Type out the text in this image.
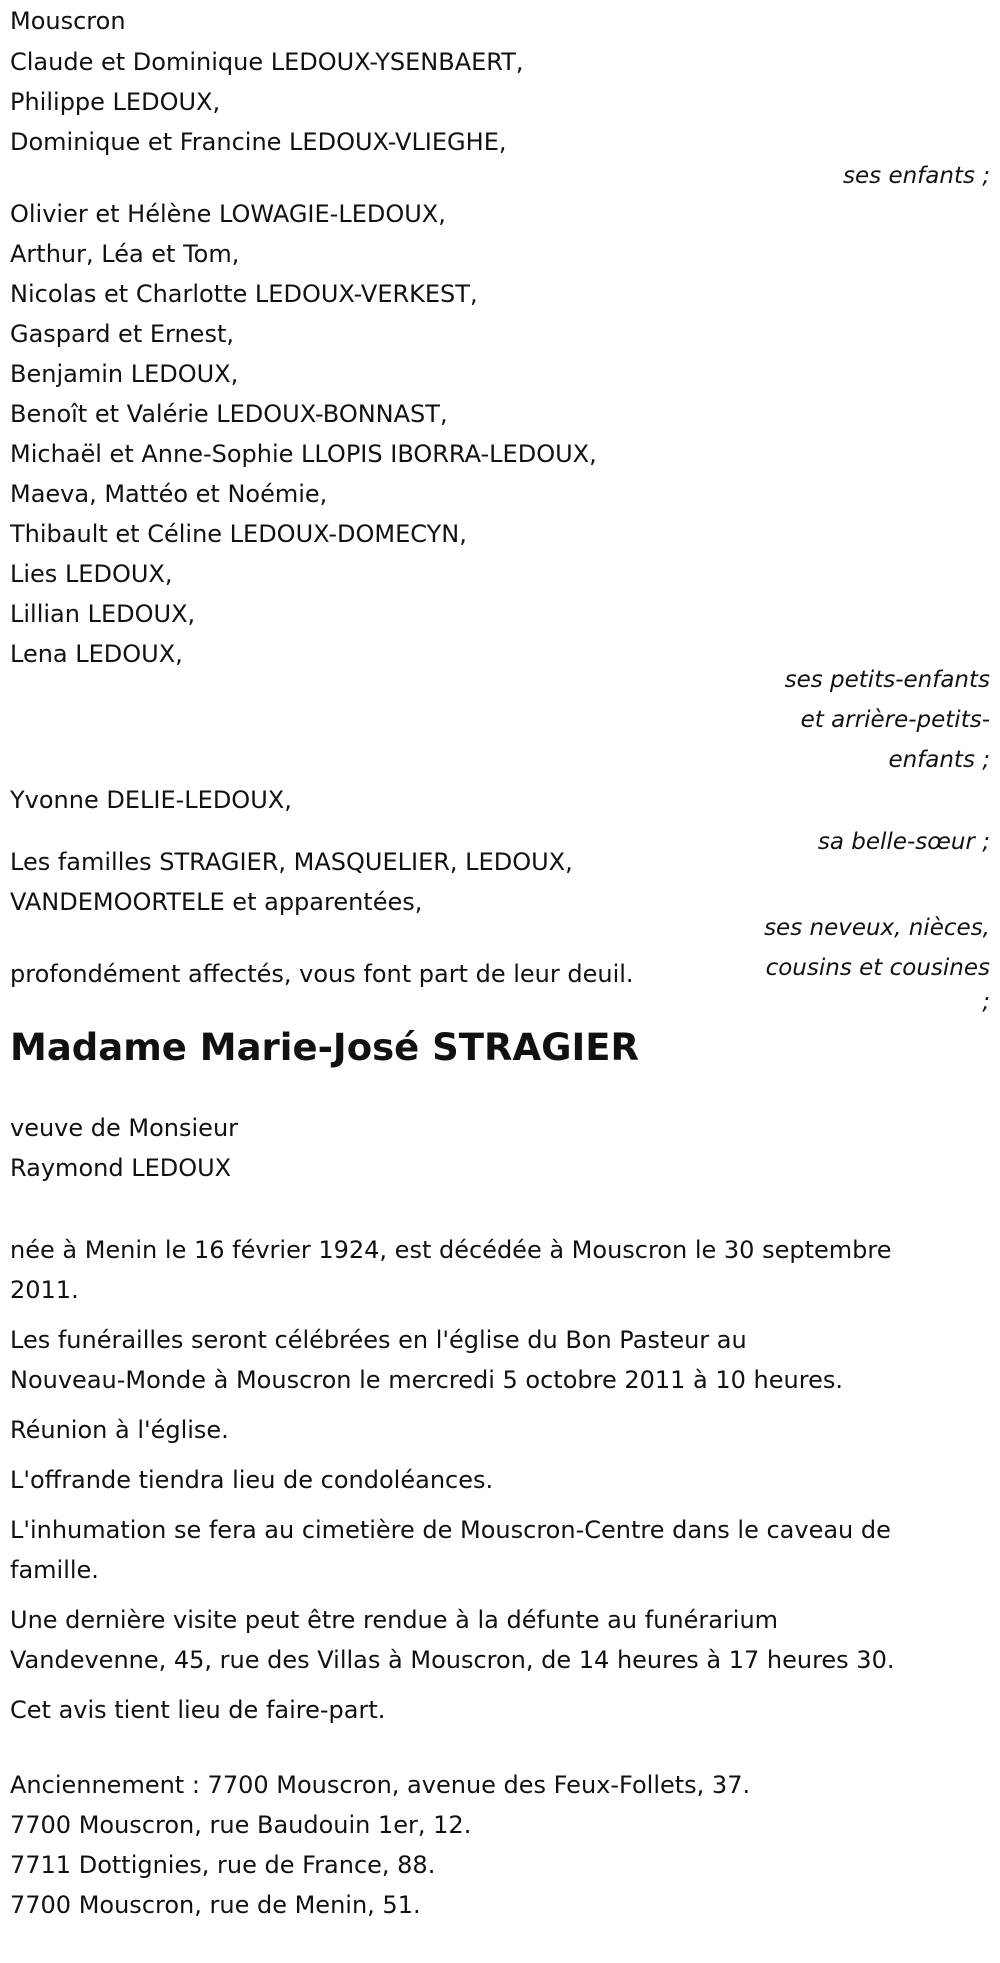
Mouscron
Claude et Dominique LEDOUX-YSENBAERT,
Philippe LEDOUX,
Dominique et Francine LEDOUX-VLIEGHE,
ses enfants ;
Olivier et Hélène LOWAGIE-LEDOUX,
Arthur, Léa et Tom,
Nicolas et Charlotte LEDOUX-VERKEST,
Gaspard et Ernest,
Benjamin LEDOUX,
Benoît et Valérie LEDOUX-BONNAST,
Michaël et Anne-Sophie LLOPIS IBORRA-LEDOUX,
Maeva, Mattéo et Noémie,
Thibault et Céline LEDOUX-DOMECYN,
Lies LEDOUX,
Lillian LEDOUX,
Lena LEDOUX,
ses petits-enfants
et arrière-petits-
enfants ;
Yvonne DELIE-LEDOUX,
sa belle-sœur ;
Les familles STRAGIER, MASQUELIER, LEDOUX,
VANDEMOORTELE et apparentées,
ses neveux, nièces,
cousins et cousines
;
profondément affectés, vous font part de leur deuil.
Madame Marie-José STRAGIER
veuve de Monsieur
Raymond LEDOUX
née à Menin le 16 février 1924, est décédée à Mouscron le 30 septembre
2011.
Les funérailles seront célébrées en l'église du Bon Pasteur au
Nouveau-Monde à Mouscron le mercredi 5 octobre 2011 à 10 heures.
Réunion à l'église.
L'offrande tiendra lieu de condoléances.
L'inhumation se fera au cimetière de Mouscron-Centre dans le caveau de
famille.
Une dernière visite peut être rendue à la défunte au funérarium
Vandevenne, 45, rue des Villas à Mouscron, de 14 heures à 17 heures 30.
Cet avis tient lieu de faire-part.
Anciennement : 7700 Mouscron, avenue des Feux-Follets, 37.
7700 Mouscron, rue Baudouin 1er, 12.
7711 Dottignies, rue de France, 88.
7700 Mouscron, rue de Menin, 51.
